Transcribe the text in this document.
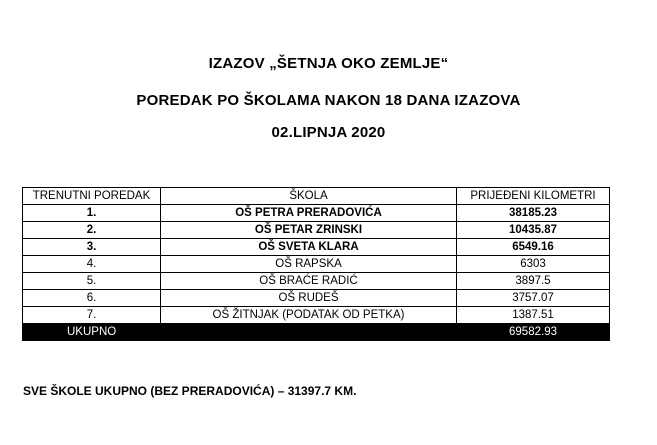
IZAZOV „ŠETNJA OKO ZEMLJE“
POREDAK PO ŠKOLAMA NAKON 18 DANA IZAZOVA
02.LIPNJA 2020
TRENUTNI POREDAK	ŠKOLA	PRIJEĐENI KILOMETRI
1.	OŠ PETRA PRERADOVIĆA	38185.23
2.	OŠ PETAR ZRINSKI	10435.87
3.	OŠ SVETA KLARA	6549.16
4.	OŠ RAPSKA	6303
5.	OŠ BRAĆE RADIĆ	3897.5
6.	OŠ RUDEŠ	3757.07
7.	OŠ ŽITNJAK (PODATAK OD PETKA)	1387.51
UKUPNO		69582.93
SVE ŠKOLE UKUPNO (BEZ PRERADOVIĆA) – 31397.7 KM.
